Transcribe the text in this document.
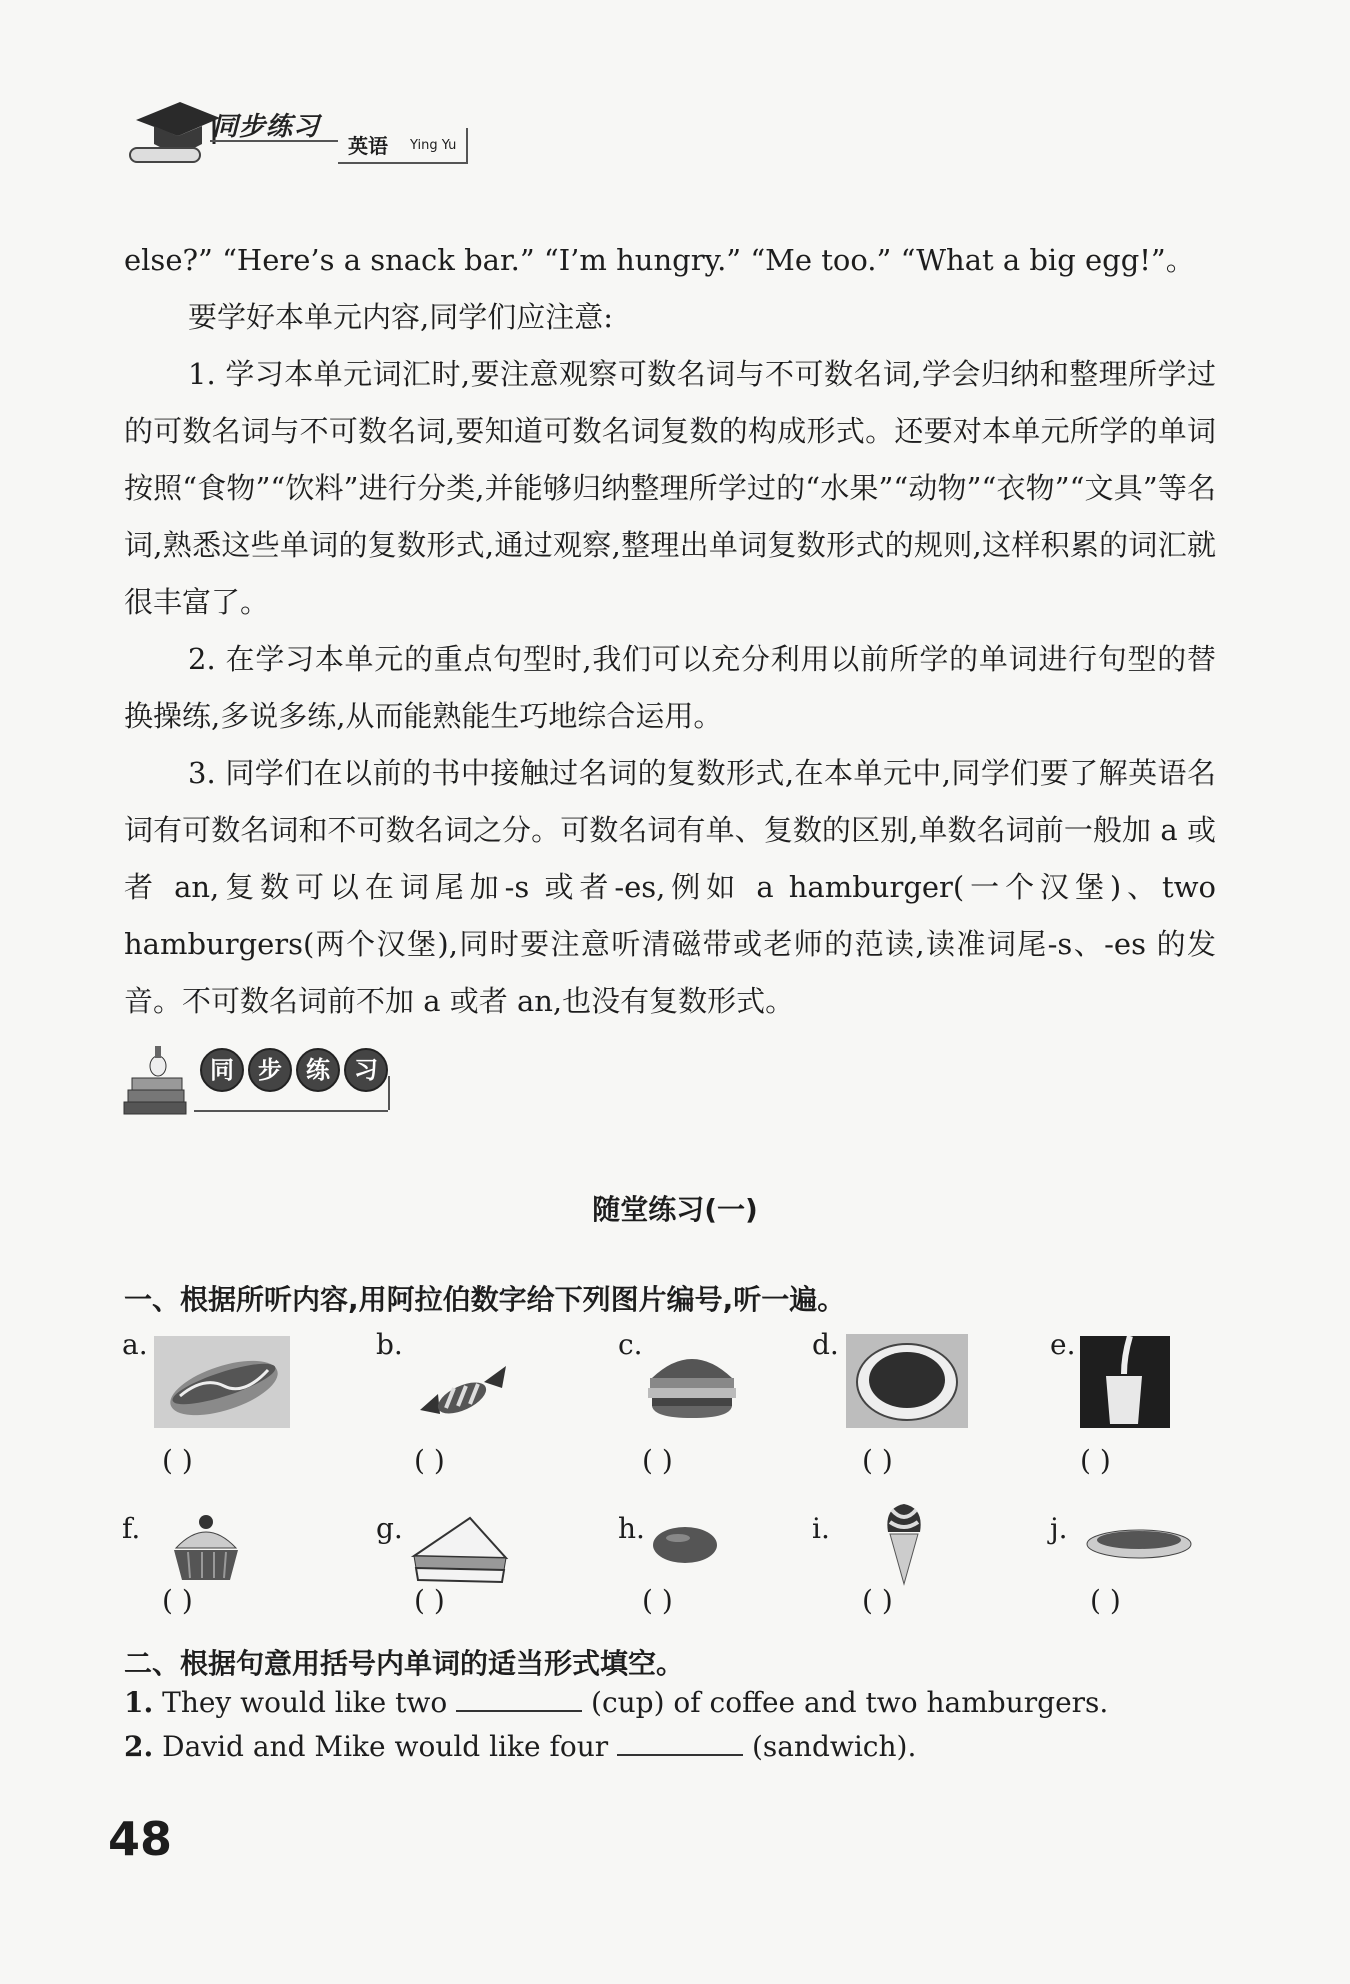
同步练习
英语 Ying Yu
else?” “Here’s a snack bar.” “I’m hungry.” “Me too.” “What a big egg!”。
要学好本单元内容,同学们应注意:
1. 学习本单元词汇时,要注意观察可数名词与不可数名词,学会归纳和整理所学过的可数名词与不可数名词,要知道可数名词复数的构成形式。还要对本单元所学的单词按照“食物”“饮料”进行分类,并能够归纳整理所学过的“水果”“动物”“衣物”“文具”等名词,熟悉这些单词的复数形式,通过观察,整理出单词复数形式的规则,这样积累的词汇就很丰富了。
2. 在学习本单元的重点句型时,我们可以充分利用以前所学的单词进行句型的替换操练,多说多练,从而能熟能生巧地综合运用。
3. 同学们在以前的书中接触过名词的复数形式,在本单元中,同学们要了解英语名词有可数名词和不可数名词之分。可数名词有单、复数的区别,单数名词前一般加 a 或者 an,复数可以在词尾加-s 或者-es,例如 a hamburger(一个汉堡)、two hamburgers(两个汉堡),同时要注意听清磁带或老师的范读,读准词尾-s、-es 的发音。不可数名词前不加 a 或者 an,也没有复数形式。
同 步 练 习
随堂练习(一)
一、根据所听内容,用阿拉伯数字给下列图片编号,听一遍。
a.
( )
b.
( )
c.
( )
d.
( )
e.
( )
f.
( )
g.
( )
h.
( )
i.
( )
j.
( )
二、根据句意用括号内单词的适当形式填空。
1. They would like two	(cup) of coffee and two hamburgers.
2. David and Mike would like four	(sandwich).
48
